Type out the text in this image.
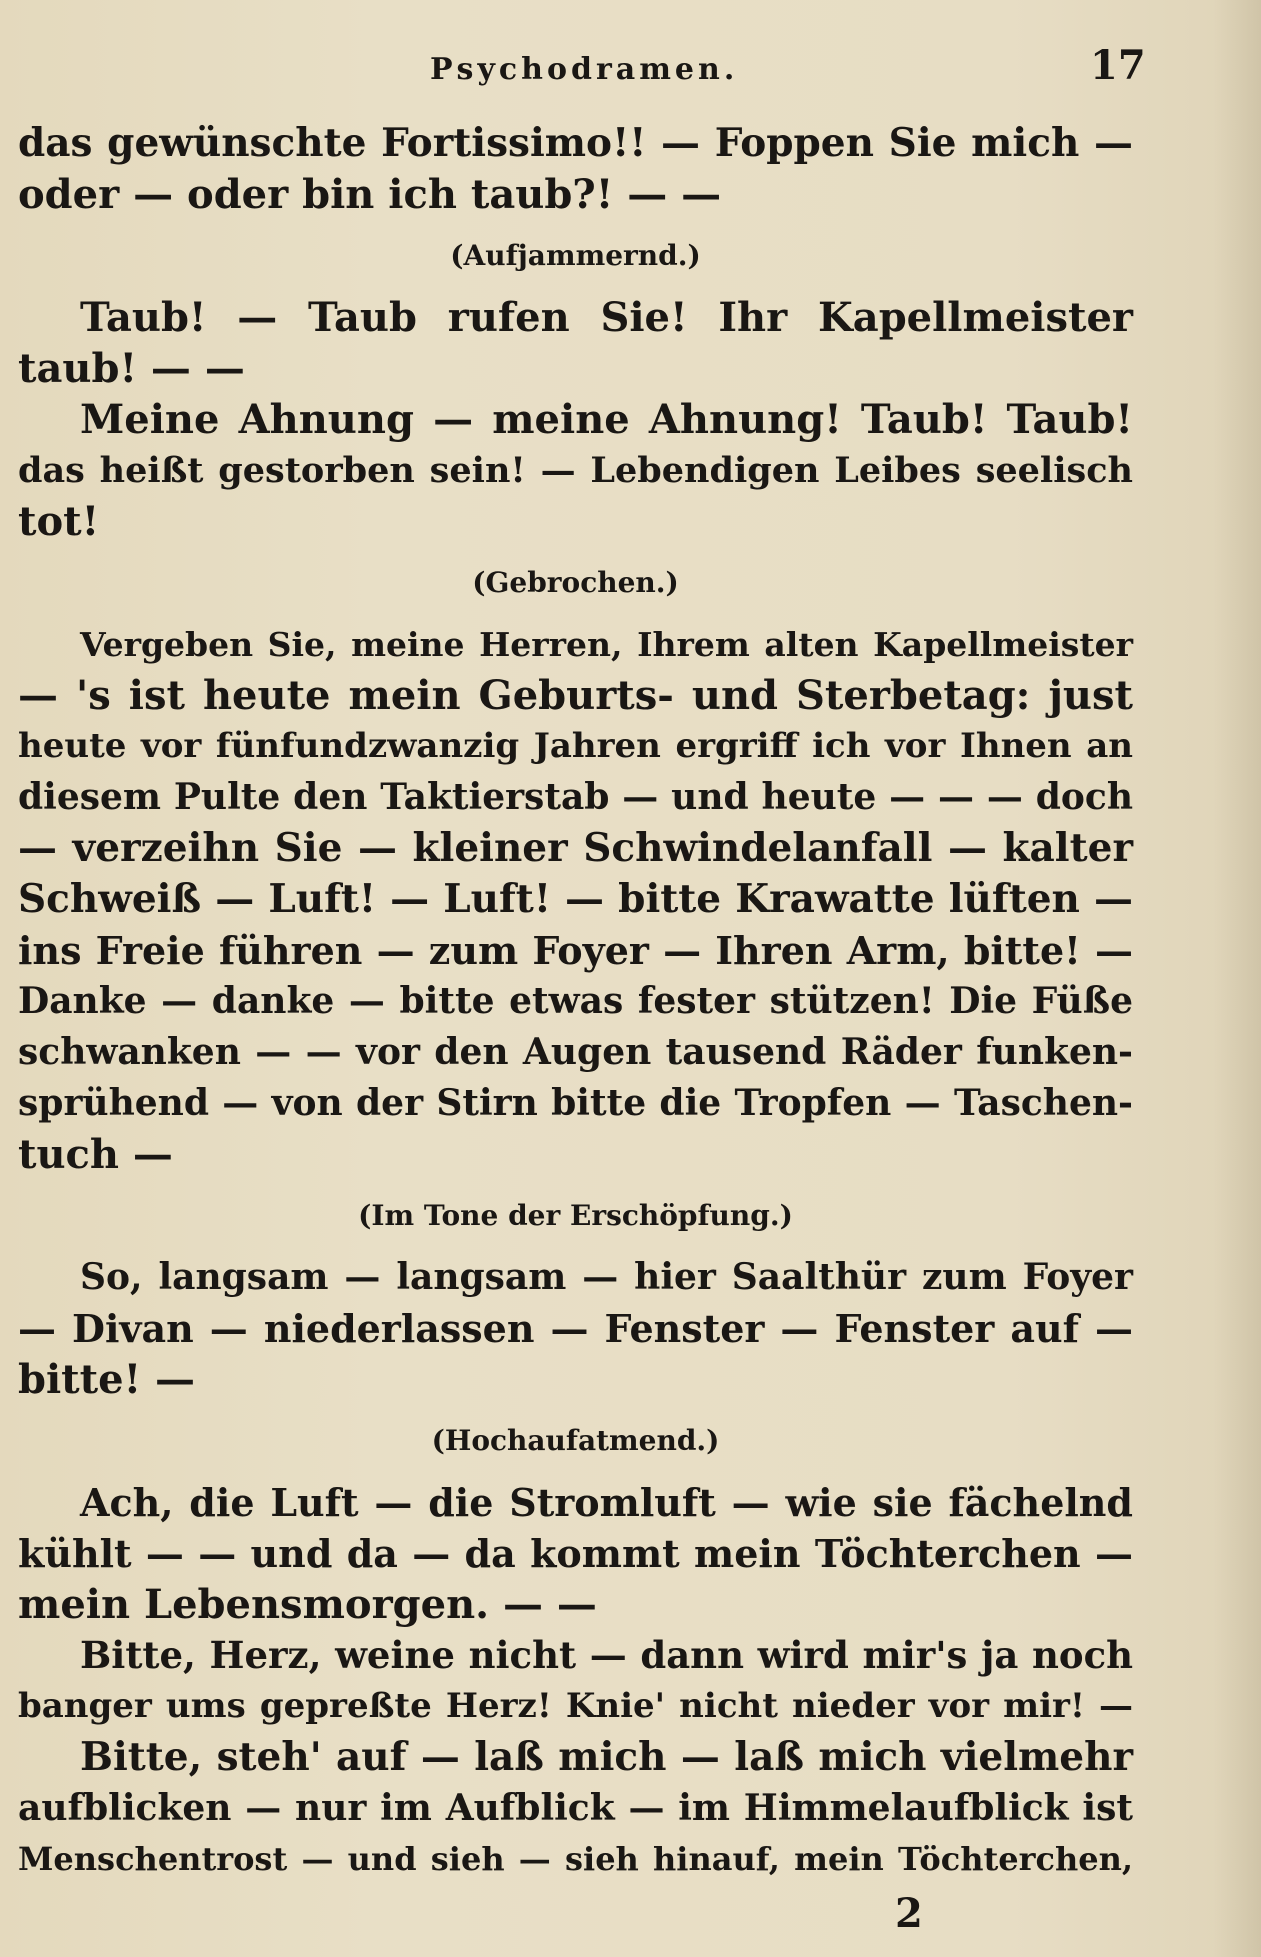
Psychodramen.	17
das gewünschte Fortissimo!! — Foppen Sie mich —
oder — oder bin ich taub?! — —
(Aufjammernd.)
Taub! — Taub rufen Sie! Ihr Kapellmeister
taub! — —
Meine Ahnung — meine Ahnung! Taub! Taub!
das heißt gestorben sein! — Lebendigen Leibes seelisch
tot!
(Gebrochen.)
Vergeben Sie, meine Herren, Ihrem alten Kapellmeister
— 's ist heute mein Geburts- und Sterbetag: just
heute vor fünfundzwanzig Jahren ergriff ich vor Ihnen an
diesem Pulte den Taktierstab — und heute — — — doch
— verzeihn Sie — kleiner Schwindelanfall — kalter
Schweiß — Luft! — Luft! — bitte Krawatte lüften —
ins Freie führen — zum Foyer — Ihren Arm, bitte! —
Danke — danke — bitte etwas fester stützen! Die Füße
schwanken — — vor den Augen tausend Räder funken-
sprühend — von der Stirn bitte die Tropfen — Taschen-
tuch —
(Im Tone der Erschöpfung.)
So, langsam — langsam — hier Saalthür zum Foyer
— Divan — niederlassen — Fenster — Fenster auf —
bitte! —
(Hochaufatmend.)
Ach, die Luft — die Stromluft — wie sie fächelnd
kühlt — — und da — da kommt mein Töchterchen —
mein Lebensmorgen. — —
Bitte, Herz, weine nicht — dann wird mir's ja noch
banger ums gepreßte Herz! Knie' nicht nieder vor mir! —
Bitte, steh' auf — laß mich — laß mich vielmehr
aufblicken — nur im Aufblick — im Himmelaufblick ist
Menschentrost — und sieh — sieh hinauf, mein Töchterchen,
2
